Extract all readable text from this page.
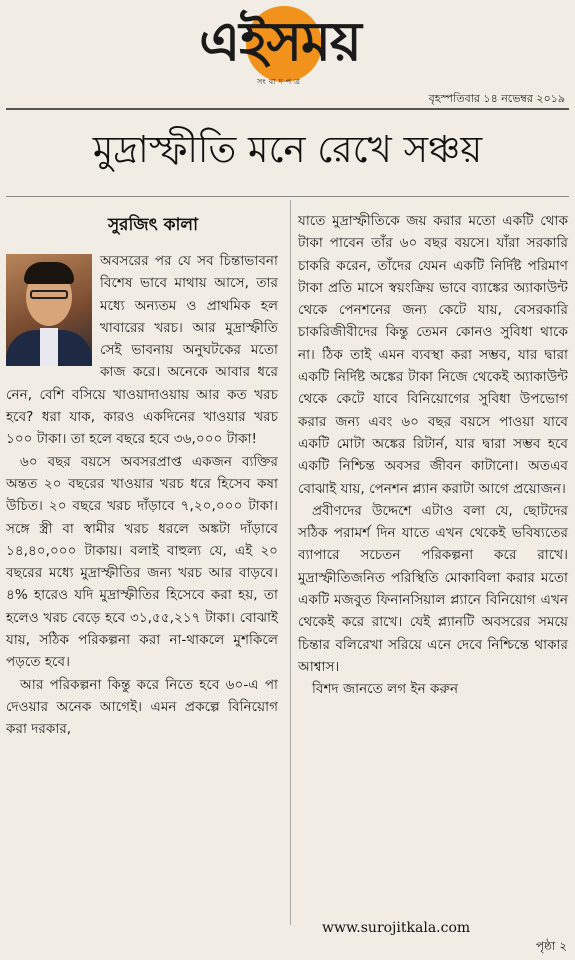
এইসময়
সংবাদপত্র
বৃহস্পতিবার ১৪ নভেম্বর ২০১৯
মুদ্রাস্ফীতি মনে রেখে সঞ্চয়
সুরজিৎ কালা

অবসরের পর যে সব চিন্তাভাবনা বিশেষ ভাবে মাথায় আসে, তার মধ্যে অন্যতম ও প্রাথমিক হল খাবারের খরচ। আর মুদ্রাস্ফীতি সেই ভাবনায় অনুঘটকের মতো কাজ করে। অনেকে আবার ধরে নেন, বেশি বসিয়ে খাওয়াদাওয়ায় আর কত খরচ হবে? ধরা যাক, কারও একদিনের খাওয়ার খরচ ১০০ টাকা। তা হলে বছরে হবে ৩৬,০০০ টাকা!

৬০ বছর বয়সে অবসরপ্রাপ্ত একজন ব্যক্তির অন্তত ২০ বছরের খাওয়ার খরচ ধরে হিসেব কষা উচিত। ২০ বছরে খরচ দাঁড়াবে ৭,২০,০০০ টাকা। সঙ্গে স্ত্রী বা স্বামীর খরচ ধরলে অঙ্কটা দাঁড়াবে ১৪,৪০,০০০ টাকায়। বলাই বাহুল্য যে, এই ২০ বছরের মধ্যে মুদ্রাস্ফীতির জন্য খরচ আর বাড়বে। ৪% হারেও যদি মুদ্রাস্ফীতির হিসেবে করা হয়, তা হলেও খরচ বেড়ে হবে ৩১,৫৫,২১৭ টাকা। বোঝাই যায়, সঠিক পরিকল্পনা করা না-থাকলে মুশকিলে পড়তে হবে।

আর পরিকল্পনা কিন্তু করে নিতে হবে ৬০-এ পা দেওয়ার অনেক আগেই। এমন প্রকল্পে বিনিয়োগ করা দরকার,

যাতে মুদ্রাস্ফীতিকে জয় করার মতো একটি থোক টাকা পাবেন তাঁর ৬০ বছর বয়সে। যাঁরা সরকারি চাকরি করেন, তাঁদের যেমন একটি নির্দিষ্ট পরিমাণ টাকা প্রতি মাসে স্বয়ংক্রিয় ভাবে ব্যাঙ্কের অ্যাকাউন্ট থেকে পেনশনের জন্য কেটে যায়, বেসরকারি চাকরিজীবীদের কিন্তু তেমন কোনও সুবিধা থাকে না। ঠিক তাই এমন ব্যবস্থা করা সম্ভব, যার দ্বারা একটি নির্দিষ্ট অঙ্কের টাকা নিজে থেকেই অ্যাকাউন্ট থেকে কেটে যাবে বিনিয়োগের সুবিধা উপভোগ করার জন্য এবং ৬০ বছর বয়সে পাওয়া যাবে একটি মোটা অঙ্কের রিটার্ন, যার দ্বারা সম্ভব হবে একটি নিশ্চিন্ত অবসর জীবন কাটানো। অতএব বোঝাই যায়, পেনশন প্ল্যান করাটা আগে প্রয়োজন।

প্রবীণদের উদ্দেশে এটাও বলা যে, ছোটদের সঠিক পরামর্শ দিন যাতে এখন থেকেই ভবিষ্যতের ব্যাপারে সচেতন পরিকল্পনা করে রাখে। মুদ্রাস্ফীতিজনিত পরিস্থিতি মোকাবিলা করার মতো একটি মজবুত ফিনানসিয়াল প্ল্যানে বিনিয়োগ এখন থেকেই করে রাখে। যেই প্ল্যানটি অবসরের সময়ে চিন্তার বলিরেখা সরিয়ে এনে দেবে নিশ্চিন্তে থাকার আশ্বাস।

বিশদ জানতে লগ ইন করুন

www.surojitkala.com
পৃষ্ঠা ২
